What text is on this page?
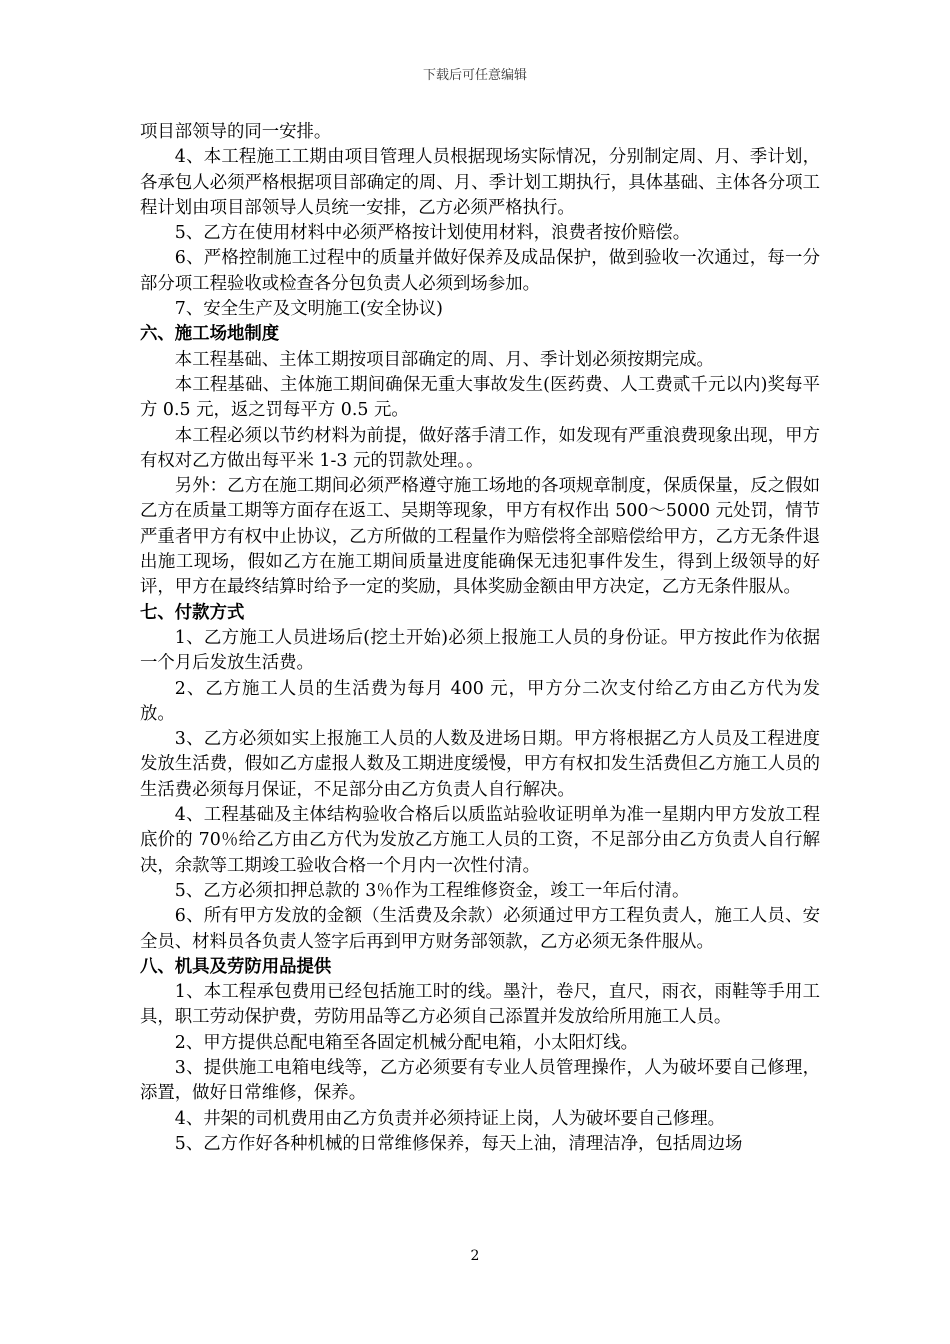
下载后可任意编辑

项目部领导的同一安排。

4、本工程施工工期由项目管理人员根据现场实际情况，分别制定周、月、季计划，各承包人必须严格根据项目部确定的周、月、季计划工期执行，具体基础、主体各分项工程计划由项目部领导人员统一安排，乙方必须严格执行。

5、乙方在使用材料中必须严格按计划使用材料，浪费者按价赔偿。

6、严格控制施工过程中的质量并做好保养及成品保护，做到验收一次通过，每一分部分项工程验收或检查各分包负责人必须到场参加。

7、安全生产及文明施工(安全协议)

六、施工场地制度

本工程基础、主体工期按项目部确定的周、月、季计划必须按期完成。

本工程基础、主体施工期间确保无重大事故发生(医药费、人工费贰千元以内)奖每平方 0.5 元，返之罚每平方 0.5 元。

本工程必须以节约材料为前提，做好落手清工作，如发现有严重浪费现象出现，甲方有权对乙方做出每平米 1-3 元的罚款处理。。

另外：乙方在施工期间必须严格遵守施工场地的各项规章制度，保质保量，反之假如乙方在质量工期等方面存在返工、吴期等现象，甲方有权作出 500～5000 元处罚，情节严重者甲方有权中止协议，乙方所做的工程量作为赔偿将全部赔偿给甲方，乙方无条件退出施工现场，假如乙方在施工期间质量进度能确保无违犯事件发生，得到上级领导的好评，甲方在最终结算时给予一定的奖励，具体奖励金额由甲方决定，乙方无条件服从。

七、付款方式

1、乙方施工人员进场后(挖土开始)必须上报施工人员的身份证。甲方按此作为依据一个月后发放生活费。

2、乙方施工人员的生活费为每月 400 元，甲方分二次支付给乙方由乙方代为发放。

3、乙方必须如实上报施工人员的人数及进场日期。甲方将根据乙方人员及工程进度发放生活费，假如乙方虚报人数及工期进度缓慢，甲方有权扣发生活费但乙方施工人员的生活费必须每月保证，不足部分由乙方负责人自行解决。

4、工程基础及主体结构验收合格后以质监站验收证明单为准一星期内甲方发放工程底价的 70％给乙方由乙方代为发放乙方施工人员的工资，不足部分由乙方负责人自行解决，余款等工期竣工验收合格一个月内一次性付清。

5、乙方必须扣押总款的 3％作为工程维修资金，竣工一年后付清。

6、所有甲方发放的金额（生活费及余款）必须通过甲方工程负责人，施工人员、安全员、材料员各负责人签字后再到甲方财务部领款，乙方必须无条件服从。

八、机具及劳防用品提供

1、本工程承包费用已经包括施工时的线。墨汁，卷尺，直尺，雨衣，雨鞋等手用工具，职工劳动保护费，劳防用品等乙方必须自己添置并发放给所用施工人员。

2、甲方提供总配电箱至各固定机械分配电箱，小太阳灯线。

3、提供施工电箱电线等，乙方必须要有专业人员管理操作，人为破坏要自己修理，添置，做好日常维修，保养。

4、井架的司机费用由乙方负责并必须持证上岗，人为破坏要自己修理。

5、乙方作好各种机械的日常维修保养，每天上油，清理洁净，包括周边场

2
